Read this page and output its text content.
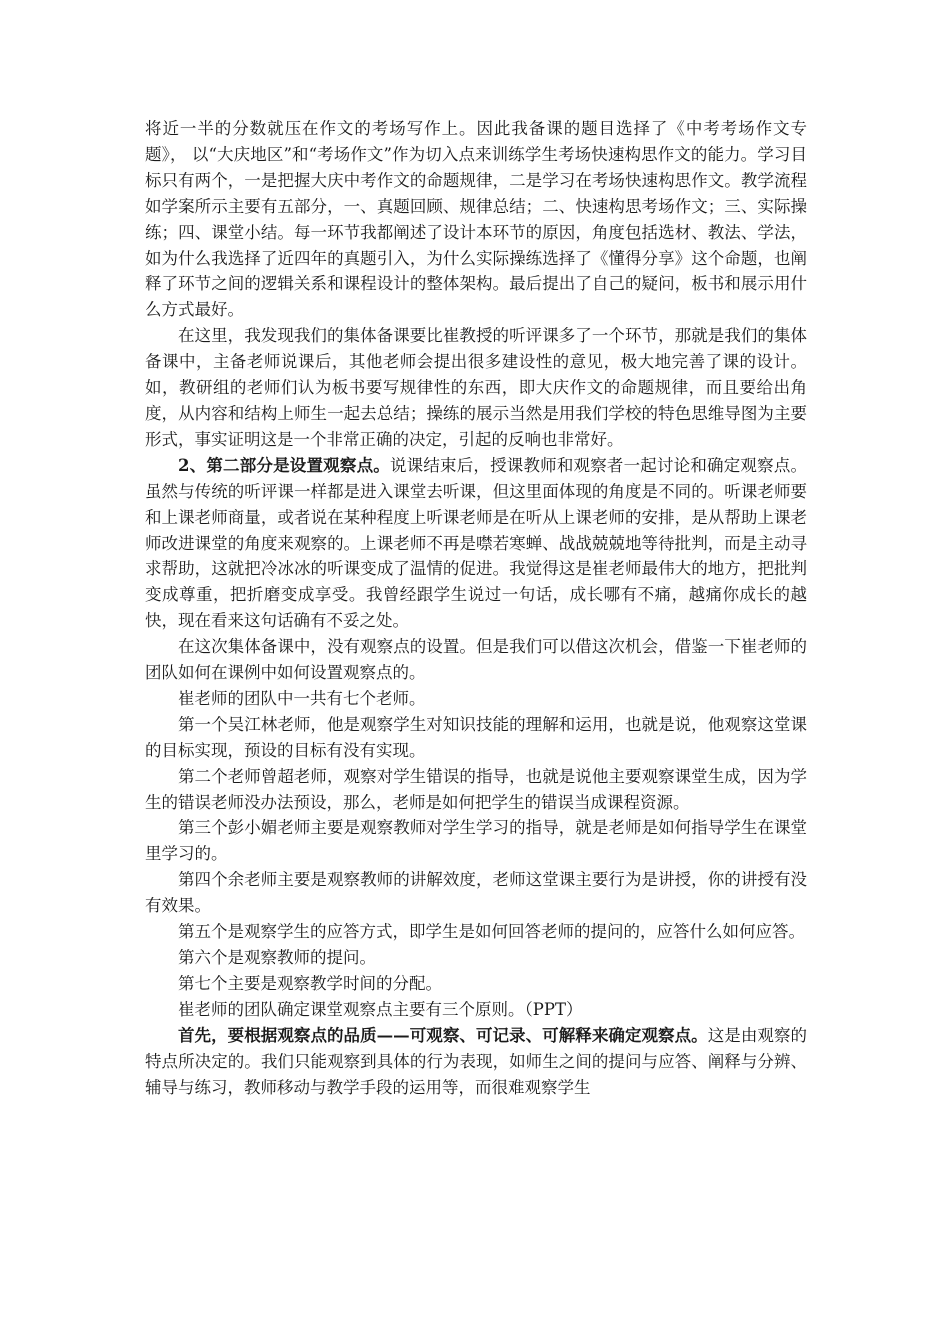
将近一半的分数就压在作文的考场写作上。因此我备课的题目选择了《中考考场作文专题》， 以“大庆地区”和“考场作文”作为切入点来训练学生考场快速构思作文的能力。学习目标只有两个，一是把握大庆中考作文的命题规律，二是学习在考场快速构思作文。教学流程如学案所示主要有五部分，一、真题回顾、规律总结；二、快速构思考场作文；三、实际操练；四、课堂小结。每一环节我都阐述了设计本环节的原因，角度包括选材、教法、学法，如为什么我选择了近四年的真题引入，为什么实际操练选择了《懂得分享》这个命题，也阐释了环节之间的逻辑关系和课程设计的整体架构。最后提出了自己的疑问，板书和展示用什么方式最好。

在这里，我发现我们的集体备课要比崔教授的听评课多了一个环节，那就是我们的集体备课中，主备老师说课后，其他老师会提出很多建设性的意见，极大地完善了课的设计。如，教研组的老师们认为板书要写规律性的东西，即大庆作文的命题规律，而且要给出角度，从内容和结构上师生一起去总结；操练的展示当然是用我们学校的特色思维导图为主要形式，事实证明这是一个非常正确的决定，引起的反响也非常好。

2、第二部分是设置观察点。说课结束后，授课教师和观察者一起讨论和确定观察点。虽然与传统的听评课一样都是进入课堂去听课，但这里面体现的角度是不同的。听课老师要和上课老师商量，或者说在某种程度上听课老师是在听从上课老师的安排，是从帮助上课老师改进课堂的角度来观察的。上课老师不再是噤若寒蝉、战战兢兢地等待批判，而是主动寻求帮助，这就把冷冰冰的听课变成了温情的促进。我觉得这是崔老师最伟大的地方，把批判变成尊重，把折磨变成享受。我曾经跟学生说过一句话，成长哪有不痛，越痛你成长的越快，现在看来这句话确有不妥之处。

在这次集体备课中，没有观察点的设置。但是我们可以借这次机会，借鉴一下崔老师的团队如何在课例中如何设置观察点的。

崔老师的团队中一共有七个老师。

第一个吴江林老师，他是观察学生对知识技能的理解和运用，也就是说，他观察这堂课的目标实现，预设的目标有没有实现。

第二个老师曾超老师，观察对学生错误的指导，也就是说他主要观察课堂生成，因为学生的错误老师没办法预设，那么，老师是如何把学生的错误当成课程资源。

第三个彭小媚老师主要是观察教师对学生学习的指导，就是老师是如何指导学生在课堂里学习的。

第四个余老师主要是观察教师的讲解效度，老师这堂课主要行为是讲授，你的讲授有没有效果。

第五个是观察学生的应答方式，即学生是如何回答老师的提问的，应答什么如何应答。

第六个是观察教师的提问。

第七个主要是观察教学时间的分配。

崔老师的团队确定课堂观察点主要有三个原则。（PPT）

首先，要根据观察点的品质——可观察、可记录、可解释来确定观察点。这是由观察的特点所决定的。我们只能观察到具体的行为表现，如师生之间的提问与应答、阐释与分辨、辅导与练习，教师移动与教学手段的运用等，而很难观察学生
